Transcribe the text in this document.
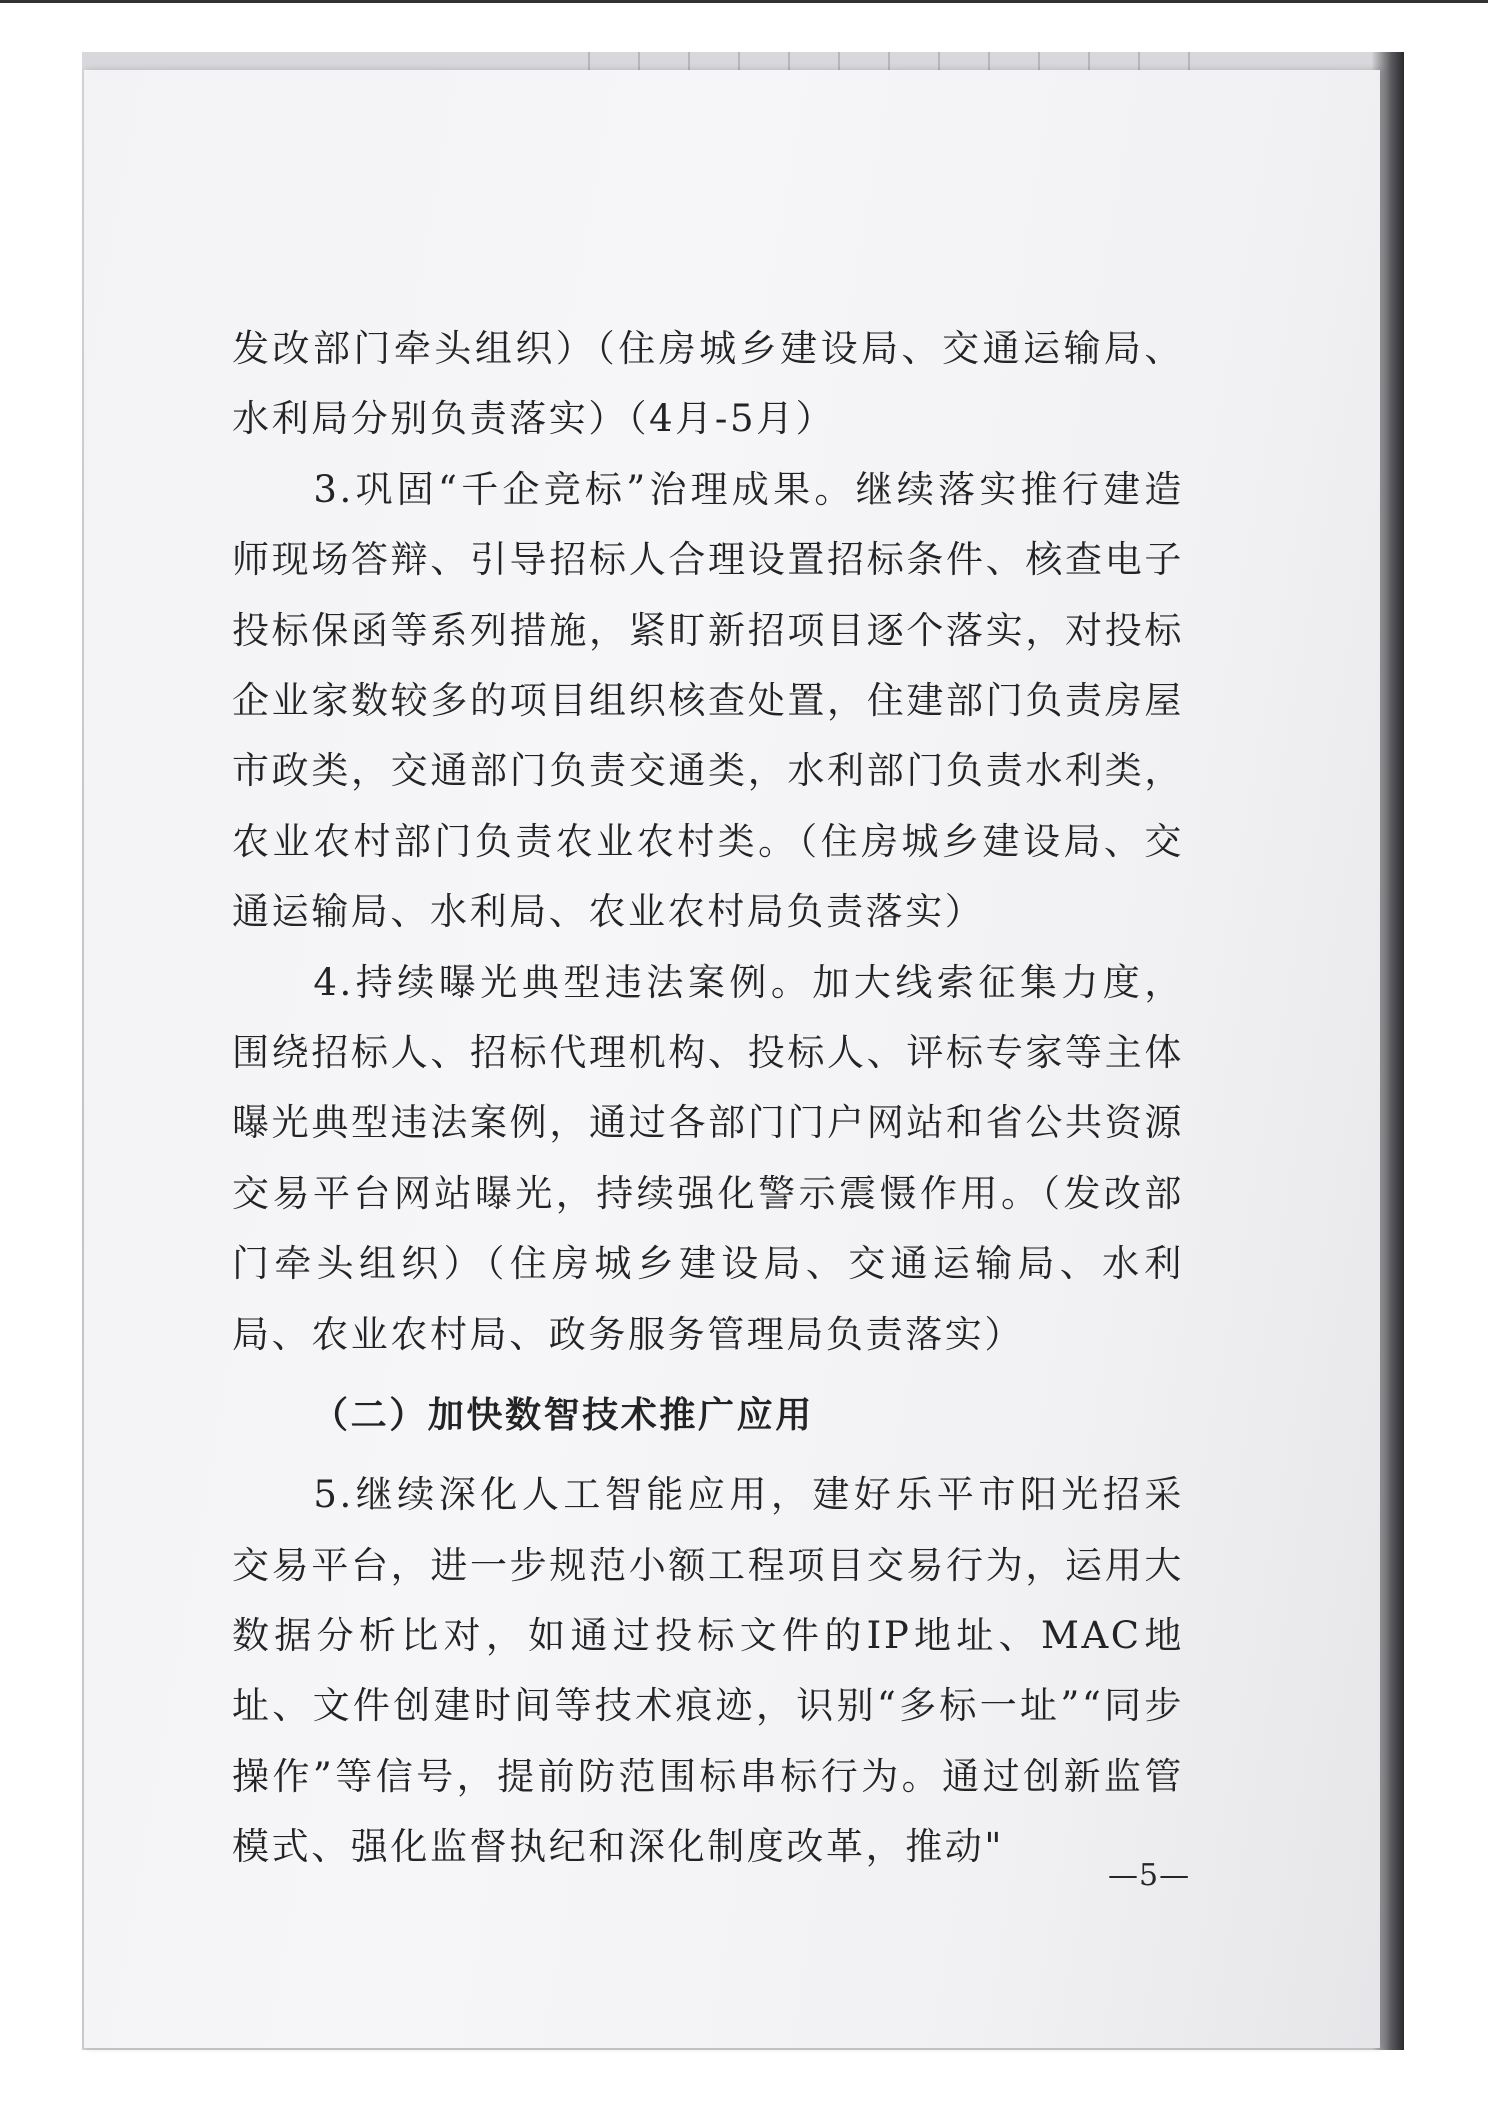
发改部门牵头组织）（住房城乡建设局、交通运输局、水利局分别负责落实）（4月-5月）

3.巩固“千企竞标”治理成果。继续落实推行建造师现场答辩、引导招标人合理设置招标条件、核查电子投标保函等系列措施，紧盯新招项目逐个落实，对投标企业家数较多的项目组织核查处置，住建部门负责房屋市政类，交通部门负责交通类，水利部门负责水利类，农业农村部门负责农业农村类。（住房城乡建设局、交通运输局、水利局、农业农村局负责落实）

4.持续曝光典型违法案例。加大线索征集力度，围绕招标人、招标代理机构、投标人、评标专家等主体曝光典型违法案例，通过各部门门户网站和省公共资源交易平台网站曝光，持续强化警示震慑作用。（发改部门牵头组织）（住房城乡建设局、交通运输局、水利局、农业农村局、政务服务管理局负责落实）

（二）加快数智技术推广应用

5.继续深化人工智能应用，建好乐平市阳光招采交易平台，进一步规范小额工程项目交易行为，运用大数据分析比对，如通过投标文件的IP地址、MAC地址、文件创建时间等技术痕迹，识别“多标一址”“同步操作”等信号，提前防范围标串标行为。通过创新监管模式、强化监督执纪和深化制度改革，推动"

—5—
